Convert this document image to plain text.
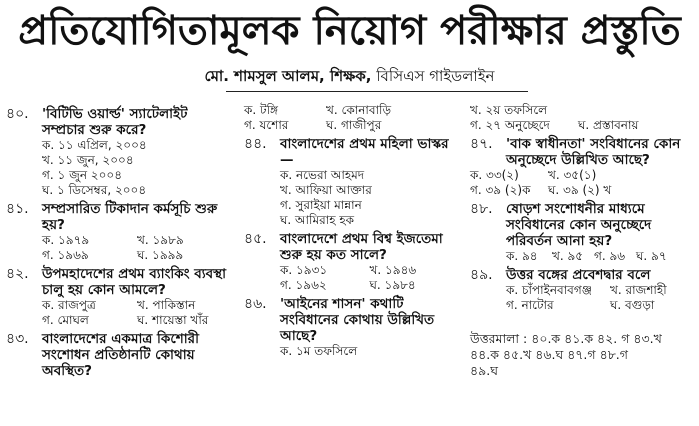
প্রতিযোগিতামূলক নিয়োগ পরীক্ষার প্রস্তুতি
মো. শামসুল আলম, শিক্ষক, বিসিএস গাইডলাইন
৪০. 'বিটিভি ওয়ার্ল্ড' স্যাটেলাইট সম্প্রচার শুরু করে?
ক. ১১ এপ্রিল, ২০০৪
খ. ১১ জুন, ২০০৪
গ. ১ জুন ২০০৪
ঘ. ১ ডিসেম্বর, ২০০৪
৪১. সম্প্রসারিত টিকাদান কর্মসূচি শুরু হয়?
ক. ১৯৭৯	খ. ১৯৮৯
গ. ১৯৬৯	ঘ. ১৯৯৯
৪২. উপমহাদেশের প্রথম ব্যাংকিং ব্যবস্থা চালু হয় কোন আমলে?
ক. রাজপুত্র	খ. পাকিস্তান
গ. মোঘল	ঘ. শায়েস্তা খাঁর
৪৩. বাংলাদেশের একমাত্র কিশোরী সংশোধন প্রতিষ্ঠানটি কোথায় অবস্থিত?
ক. টঙ্গি	খ. কোনাবাড়ি
গ. যশোর	ঘ. গাজীপুর
৪৪. বাংলাদেশের প্রথম মহিলা ভাস্কর—
ক. নভেরা আহমদ
খ. আফিয়া আক্তার
গ. সুরাইয়া মান্নান
ঘ. আমিরাহ হক
৪৫. বাংলাদেশে প্রথম বিশ্ব ইজতেমা শুরু হয় কত সালে?
ক. ১৯৩১	খ. ১৯৪৬
গ. ১৯৬২	ঘ. ১৯৮৪
৪৬. 'আইনের শাসন' কথাটি সংবিধানের কোথায় উল্লিখিত আছে?
ক. ১ম তফসিলে
খ. ২য় তফসিলে
গ. ২৭ অনুচ্ছেদে	ঘ. প্রস্তাবনায়
৪৭. 'বাক স্বাধীনতা' সংবিধানের কোন অনুচ্ছেদে উল্লিখিত আছে?
ক. ৩৩(২)	খ. ৩৫(১)
গ. ৩৯ (২)ক	ঘ. ৩৯ (২) খ
৪৮. ষোড়শ সংশোধনীর মাধ্যমে সংবিধানের কোন অনুচ্ছেদে পরিবর্তন আনা হয়?
ক. ৯৪	খ. ৯৫ গ. ৯৬ ঘ. ৯৭
৪৯. উত্তর বঙ্গের প্রবেশদ্বার বলে
ক. চাঁপাইনবাবগঞ্জ	খ. রাজশাহী
গ. নাটোর	ঘ. বগুড়া
উত্তরমালা : ৪০.ক ৪১.ক ৪২. গ ৪৩.খ
৪৪.ক ৪৫.খ ৪৬.ঘ ৪৭.গ ৪৮.গ
৪৯.ঘ
